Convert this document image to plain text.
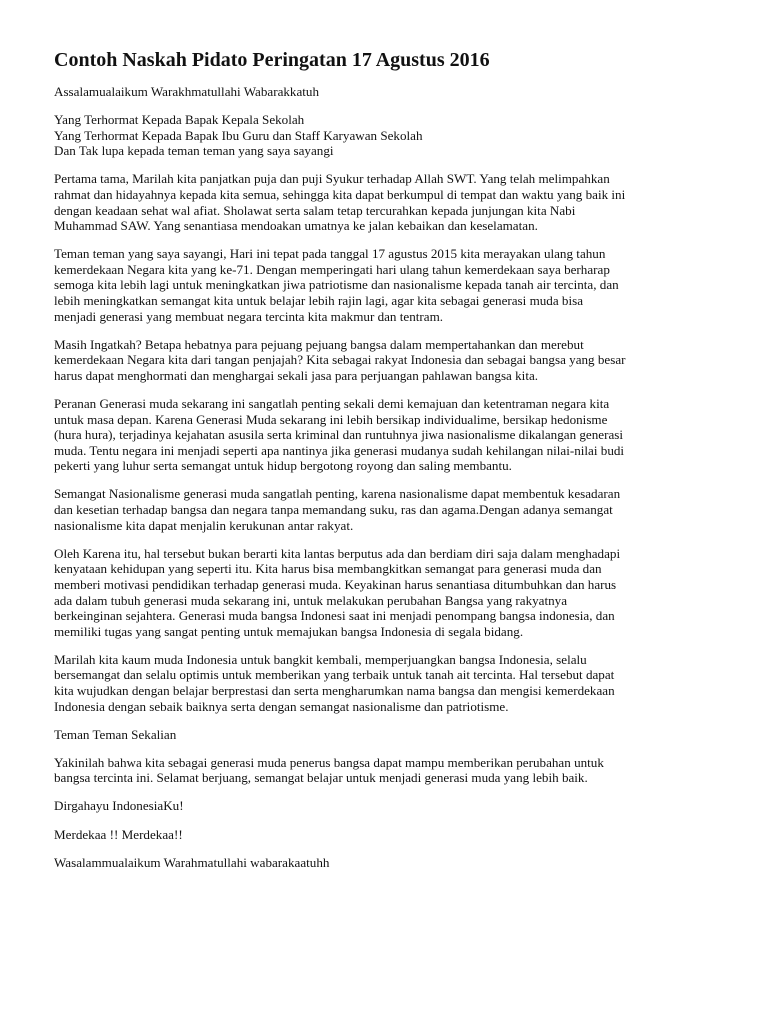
Contoh Naskah Pidato Peringatan 17 Agustus 2016
Assalamualaikum Warakhmatullahi Wabarakkatuh
Yang Terhormat Kepada Bapak Kepala Sekolah
Yang Terhormat Kepada Bapak Ibu Guru dan Staff Karyawan Sekolah
Dan Tak lupa kepada teman teman yang saya sayangi
Pertama tama, Marilah kita panjatkan puja dan puji Syukur terhadap Allah SWT. Yang telah melimpahkan
rahmat dan hidayahnya kepada kita semua, sehingga kita dapat berkumpul di tempat dan waktu yang baik ini
dengan keadaan sehat wal afiat. Sholawat serta salam tetap tercurahkan kepada junjungan kita Nabi
Muhammad SAW. Yang senantiasa mendoakan umatnya ke jalan kebaikan dan keselamatan.
Teman teman yang saya sayangi, Hari ini tepat pada tanggal 17 agustus 2015 kita merayakan ulang tahun
kemerdekaan Negara kita yang ke-71. Dengan memperingati hari ulang tahun kemerdekaan saya berharap
semoga kita lebih lagi untuk meningkatkan jiwa patriotisme dan nasionalisme kepada tanah air tercinta, dan
lebih meningkatkan semangat kita untuk belajar lebih rajin lagi, agar kita sebagai generasi muda bisa
menjadi generasi yang membuat negara tercinta kita makmur dan tentram.
Masih Ingatkah? Betapa hebatnya para pejuang pejuang bangsa dalam mempertahankan dan merebut
kemerdekaan Negara kita dari tangan penjajah? Kita sebagai rakyat Indonesia dan sebagai bangsa yang besar
harus dapat menghormati dan menghargai sekali jasa para perjuangan pahlawan bangsa kita.
Peranan Generasi muda sekarang ini sangatlah penting sekali demi kemajuan dan ketentraman negara kita
untuk masa depan. Karena Generasi Muda sekarang ini lebih bersikap individualime, bersikap hedonisme
(hura hura), terjadinya kejahatan asusila serta kriminal dan runtuhnya jiwa nasionalisme dikalangan generasi
muda. Tentu negara ini menjadi seperti apa nantinya jika generasi mudanya sudah kehilangan nilai-nilai budi
pekerti yang luhur serta semangat untuk hidup bergotong royong dan saling membantu.
Semangat Nasionalisme generasi muda sangatlah penting, karena nasionalisme dapat membentuk kesadaran
dan kesetian terhadap bangsa dan negara tanpa memandang suku, ras dan agama.Dengan adanya semangat
nasionalisme kita dapat menjalin kerukunan antar rakyat.
Oleh Karena itu, hal tersebut bukan berarti kita lantas berputus ada dan berdiam diri saja dalam menghadapi
kenyataan kehidupan yang seperti itu. Kita harus bisa membangkitkan semangat para generasi muda dan
memberi motivasi pendidikan terhadap generasi muda. Keyakinan harus senantiasa ditumbuhkan dan harus
ada dalam tubuh generasi muda sekarang ini, untuk melakukan perubahan Bangsa yang rakyatnya
berkeinginan sejahtera. Generasi muda bangsa Indonesi saat ini menjadi penompang bangsa indonesia, dan
memiliki tugas yang sangat penting untuk memajukan bangsa Indonesia di segala bidang.
Marilah kita kaum muda Indonesia untuk bangkit kembali, memperjuangkan bangsa Indonesia, selalu
bersemangat dan selalu optimis untuk memberikan yang terbaik untuk tanah ait tercinta. Hal tersebut dapat
kita wujudkan dengan belajar berprestasi dan serta mengharumkan nama bangsa dan mengisi kemerdekaan
Indonesia dengan sebaik baiknya serta dengan semangat nasionalisme dan patriotisme.
Teman Teman Sekalian
Yakinilah bahwa kita sebagai generasi muda penerus bangsa dapat mampu memberikan perubahan untuk
bangsa tercinta ini. Selamat berjuang, semangat belajar untuk menjadi generasi muda yang lebih baik.
Dirgahayu IndonesiaKu!
Merdekaa !! Merdekaa!!
Wasalammualaikum Warahmatullahi wabarakaatuhh
